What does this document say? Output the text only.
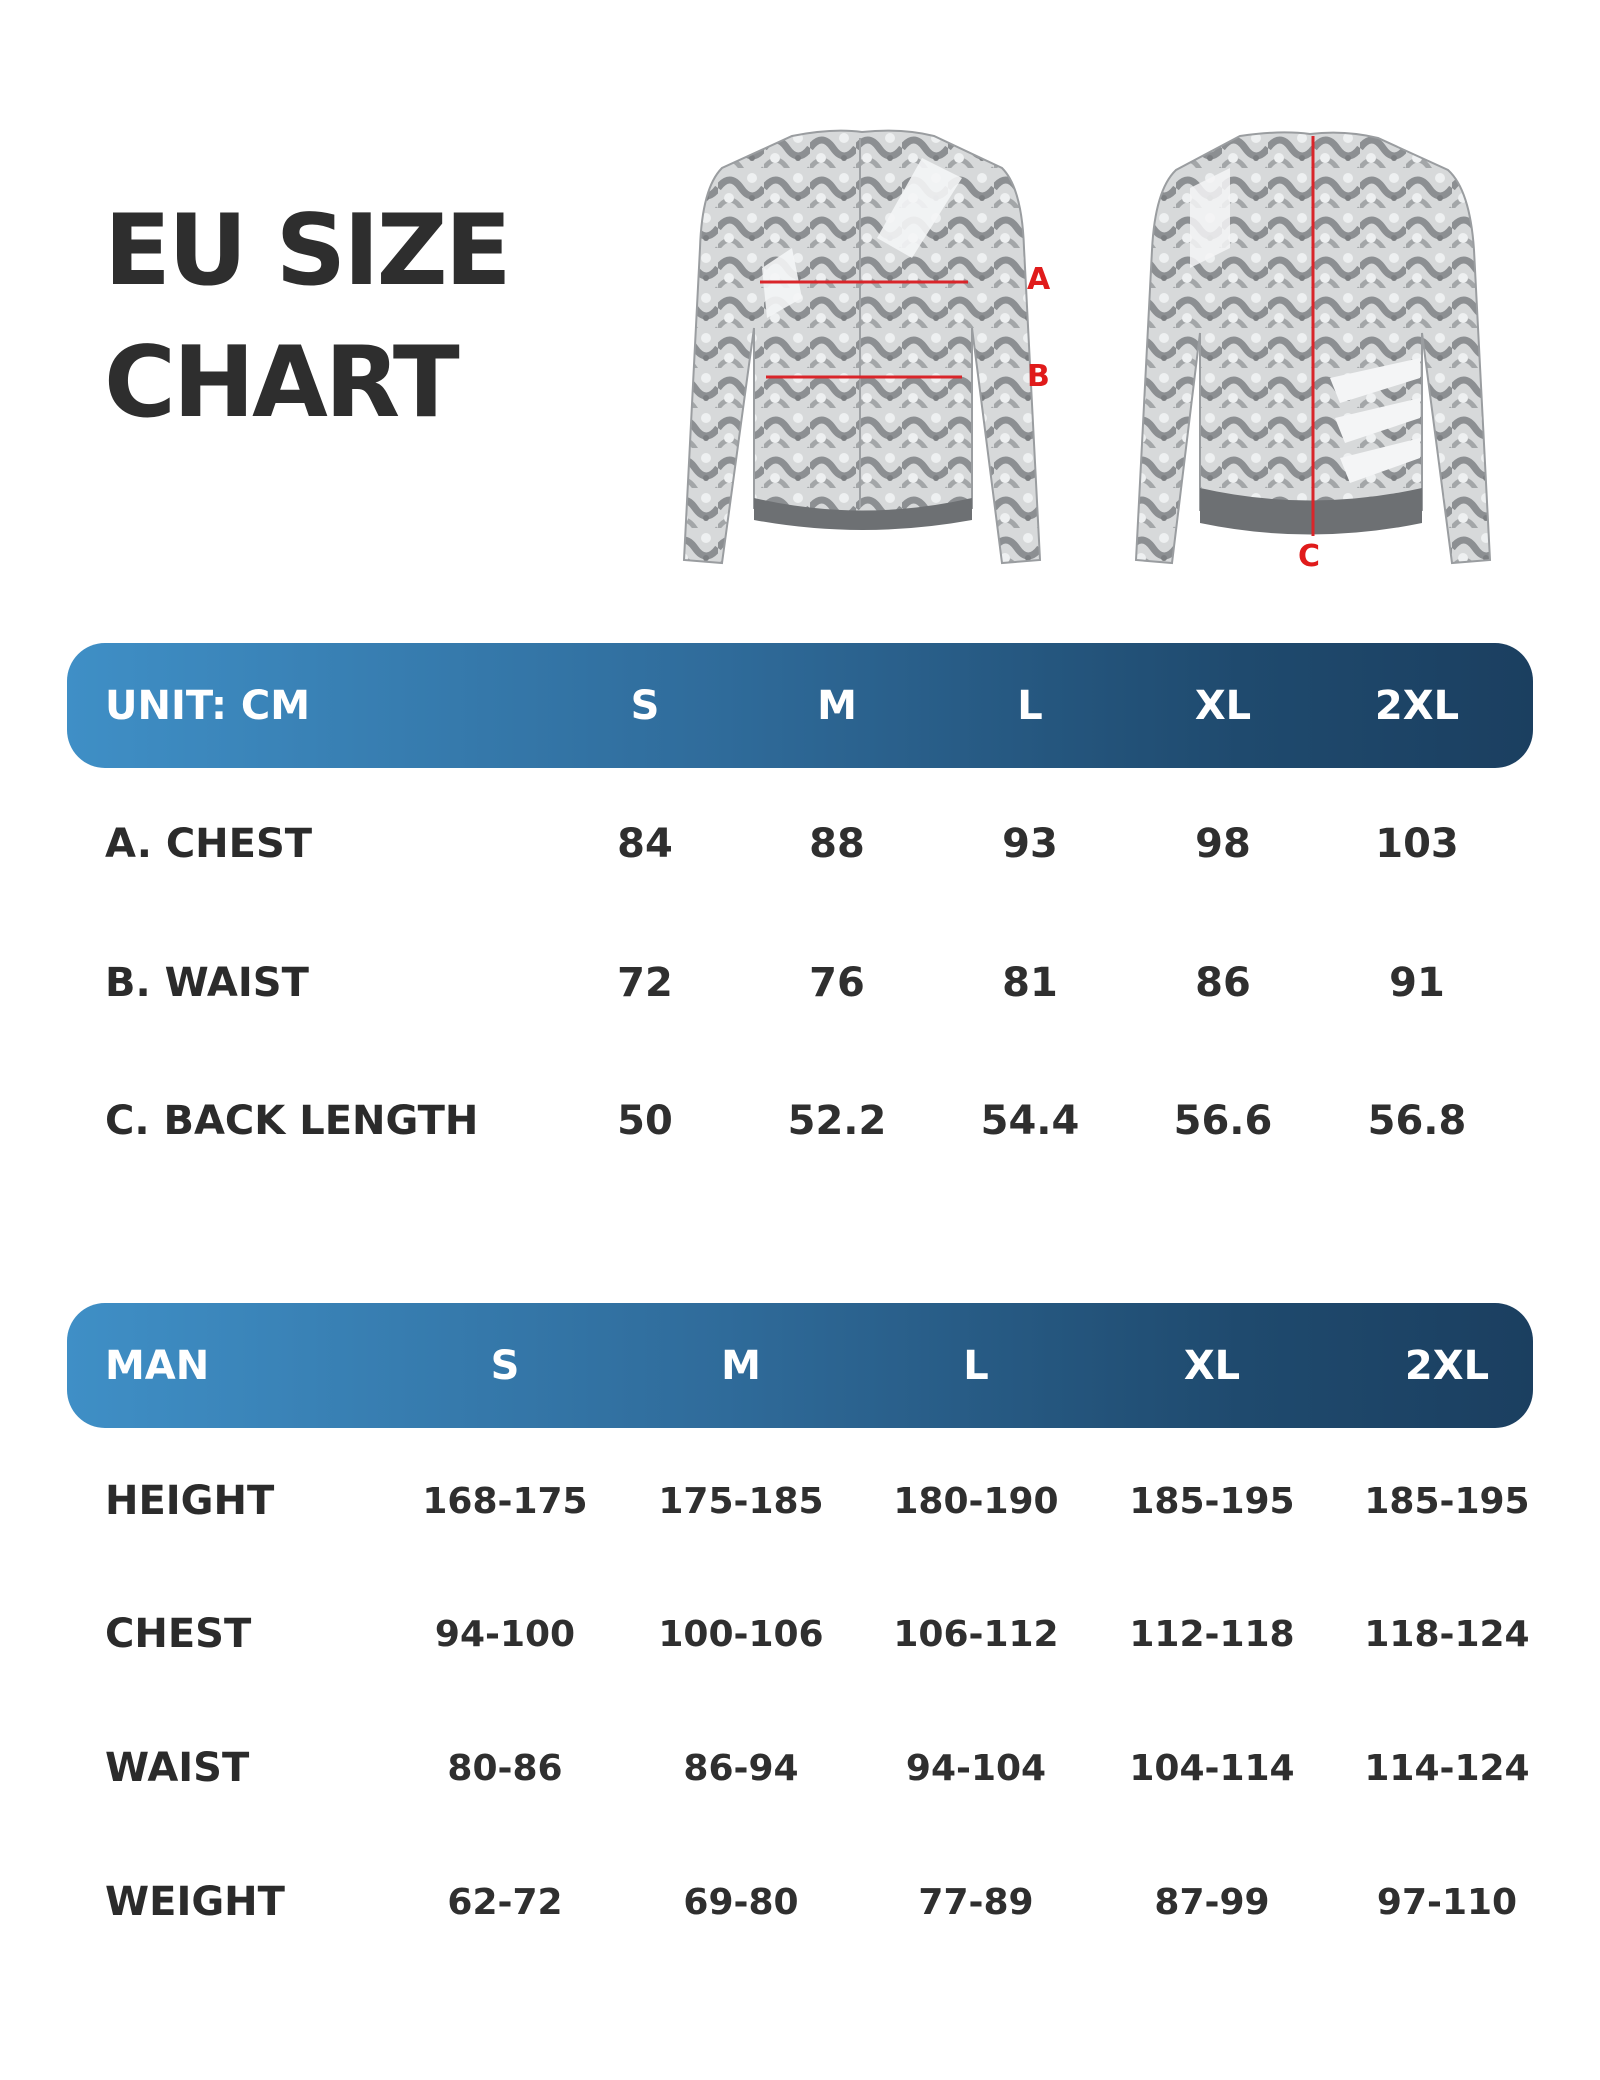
EU SIZE
CHART
A
B
C
UNIT: CM	S	M	L	XL	2XL
A. CHEST	84	88	93	98	103
B. WAIST	72	76	81	86	91
C. BACK LENGTH	50	52.2	54.4	56.6	56.8
MAN	S	M	L	XL	2XL
HEIGHT	168-175 175-185 180-190 185-195 185-195
CHEST	94-100	100-106 106-112 112-118 118-124
WAIST	80-86	86-94	94-104	104-114 114-124
WEIGHT	62-72	69-80	77-89	87-99	97-110
